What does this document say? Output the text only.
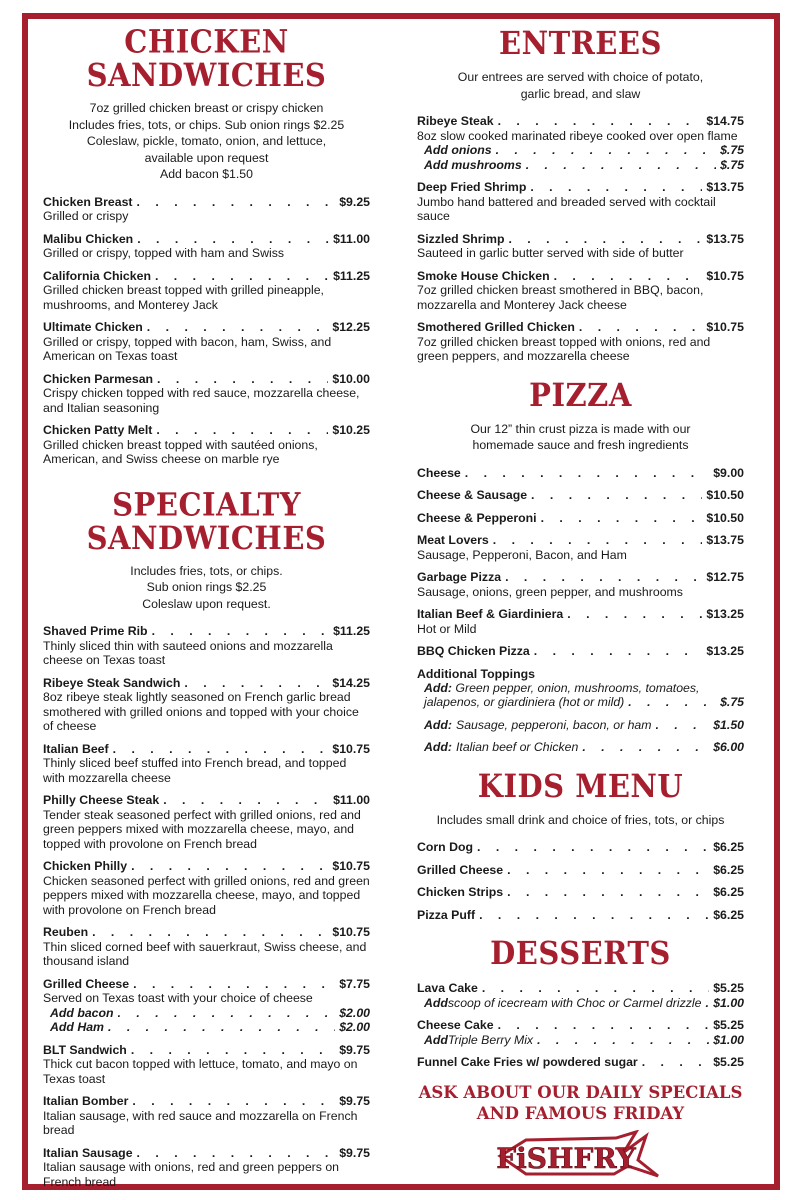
CHICKEN SANDWICHES
7oz grilled chicken breast or crispy chicken
Includes fries, tots, or chips. Sub onion rings $2.25
Coleslaw, pickle, tomato, onion, and lettuce,
available upon request
Add bacon $1.50
Chicken Breast . . .	$9.25
Grilled or crispy
Malibu Chicken . . .	$11.00
Grilled or crispy, topped with ham and Swiss
California Chicken . . .	$11.25
Grilled chicken breast topped with grilled pineapple, mushrooms, and Monterey Jack
Ultimate Chicken . . .	$12.25
Grilled or crispy, topped with bacon, ham, Swiss, and American on Texas toast
Chicken Parmesan . . .	$10.00
Crispy chicken topped with red sauce, mozzarella cheese, and Italian seasoning
Chicken Patty Melt . . .	$10.25
Grilled chicken breast topped with sautéed onions, American, and Swiss cheese on marble rye
SPECIALTY SANDWICHES
Includes fries, tots, or chips.
Sub onion rings $2.25
Coleslaw upon request.
Shaved Prime Rib . . .	$11.25
Thinly sliced thin with sauteed onions and mozzarella cheese on Texas toast
Ribeye Steak Sandwich . . .	$14.25
8oz ribeye steak lightly seasoned on French garlic bread smothered with grilled onions and topped with your choice of cheese
Italian Beef . . .	$10.75
Thinly sliced beef stuffed into French bread, and topped with mozzarella cheese
Philly Cheese Steak . . .	$11.00
Tender steak seasoned perfect with grilled onions, red and green peppers mixed with mozzarella cheese, mayo, and topped with provolone on French bread
Chicken Philly . . .	$10.75
Chicken seasoned perfect with grilled onions, red and green peppers mixed with mozzarella cheese, mayo, and topped with provolone on French bread
Reuben . . .	$10.75
Thin sliced corned beef with sauerkraut, Swiss cheese, and thousand island
Grilled Cheese . . .	$7.75
Served on Texas toast with your choice of cheese
Add bacon . . .	$2.00
Add Ham . . .	$2.00
BLT Sandwich . . .	$9.75
Thick cut bacon topped with lettuce, tomato, and mayo on Texas toast
Italian Bomber . . .	$9.75
Italian sausage, with red sauce and mozzarella on French bread
Italian Sausage . . .	$9.75
Italian sausage with onions, red and green peppers on French bread
ENTREES
Our entrees are served with choice of potato,
garlic bread, and slaw
Ribeye Steak . . .	$14.75
8oz slow cooked marinated ribeye cooked over open flame
Add onions . . .	$.75
Add mushrooms . . .	$.75
Deep Fried Shrimp . . .	$13.75
Jumbo hand battered and breaded served with cocktail sauce
Sizzled Shrimp . . .	$13.75
Sauteed in garlic butter served with side of butter
Smoke House Chicken . . .	$10.75
7oz grilled chicken breast smothered in BBQ, bacon, mozzarella and Monterey Jack cheese
Smothered Grilled Chicken . . .	$10.75
7oz grilled chicken breast topped with onions, red and green peppers, and mozzarella cheese
PIZZA
Our 12” thin crust pizza is made with our
homemade sauce and fresh ingredients
Cheese . . .	$9.00
Cheese & Sausage . . .	$10.50
Cheese & Pepperoni . . .	$10.50
Meat Lovers . . .	$13.75
Sausage, Pepperoni, Bacon, and Ham
Garbage Pizza . . .	$12.75
Sausage, onions, green pepper, and mushrooms
Italian Beef & Giardiniera . . .	$13.25
Hot or Mild
BBQ Chicken Pizza . . .	$13.25
Additional Toppings
Add: Green pepper, onion, mushrooms, tomatoes,
jalapenos, or giardiniera (hot or mild) . . .	$.75
Add: Sausage, pepperoni, bacon, or ham . . .	$1.50
Add: Italian beef or Chicken . . .	$6.00
KIDS MENU
Includes small drink and choice of fries, tots, or chips
Corn Dog . . .	$6.25
Grilled Cheese . . .	$6.25
Chicken Strips . . .	$6.25
Pizza Puff . . .	$6.25
DESSERTS
Lava Cake . . .	$5.25
Add scoop of icecream with Choc or Carmel drizzle . . . $1.00
Cheese Cake . . .	$5.25
Add Triple Berry Mix . . .	$1.00
Funnel Cake Fries w/ powdered sugar . . .	$5.25
ASK ABOUT OUR DAILY SPECIALS
AND FAMOUS FRIDAY
FiSHFRY
